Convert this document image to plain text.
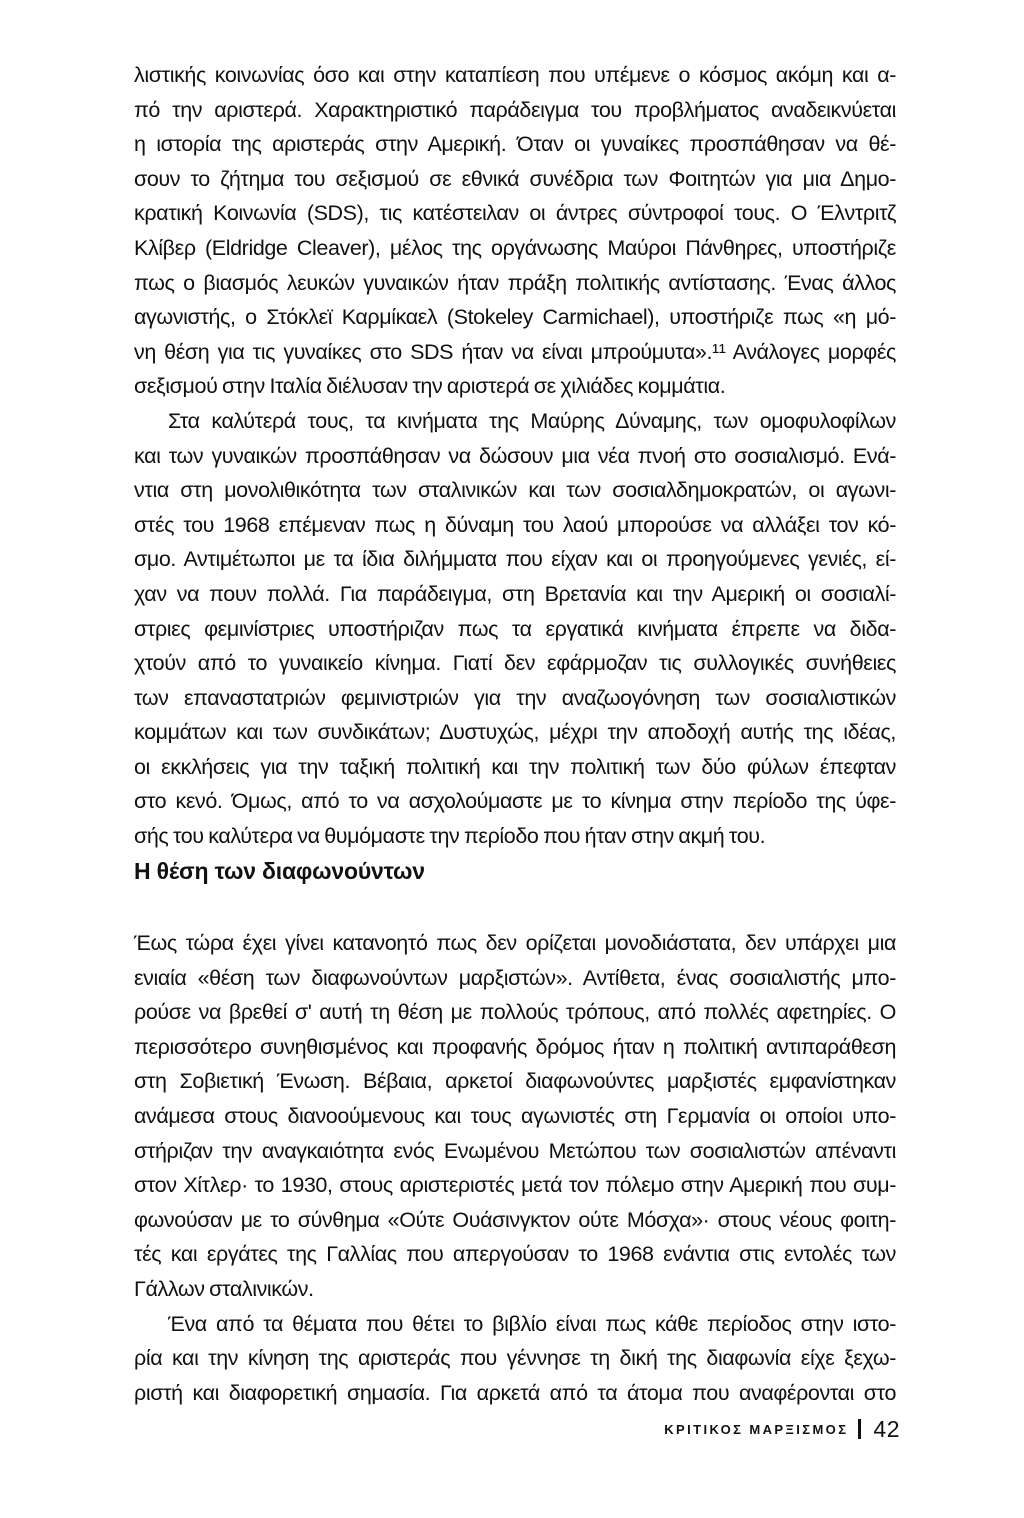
λιστικής κοινωνίας όσο και στην καταπίεση που υπέμενε ο κόσμος ακόμη και α-
πό την αριστερά. Χαρακτηριστικό παράδειγμα του προβλήματος αναδεικνύεται
η ιστορία της αριστεράς στην Αμερική. Όταν οι γυναίκες προσπάθησαν να θέ-
σουν το ζήτημα του σεξισμού σε εθνικά συνέδρια των Φοιτητών για μια Δημο-
κρατική Κοινωνία (SDS), τις κατέστειλαν οι άντρες σύντροφοί τους. Ο Έλντριτζ
Κλίβερ (Eldridge Cleaver), μέλος της οργάνωσης Μαύροι Πάνθηρες, υποστήριζε
πως ο βιασμός λευκών γυναικών ήταν πράξη πολιτικής αντίστασης. Ένας άλλος
αγωνιστής, ο Στόκλεϊ Καρμίκαελ (Stokeley Carmichael), υποστήριζε πως «η μό-
νη θέση για τις γυναίκες στο SDS ήταν να είναι μπρούμυτα».¹¹ Ανάλογες μορφές
σεξισμού στην Ιταλία διέλυσαν την αριστερά σε χιλιάδες κομμάτια.

Στα καλύτερά τους, τα κινήματα της Μαύρης Δύναμης, των ομοφυλοφίλων
και των γυναικών προσπάθησαν να δώσουν μια νέα πνοή στο σοσιαλισμό. Ενά-
ντια στη μονολιθικότητα των σταλινικών και των σοσιαλδημοκρατών, οι αγωνι-
στές του 1968 επέμεναν πως η δύναμη του λαού μπορούσε να αλλάξει τον κό-
σμο. Αντιμέτωποι με τα ίδια διλήμματα που είχαν και οι προηγούμενες γενιές, εί-
χαν να πουν πολλά. Για παράδειγμα, στη Βρετανία και την Αμερική οι σοσιαλί-
στριες φεμινίστριες υποστήριζαν πως τα εργατικά κινήματα έπρεπε να διδα-
χτούν από το γυναικείο κίνημα. Γιατί δεν εφάρμοζαν τις συλλογικές συνήθειες
των επαναστατριών φεμινιστριών για την αναζωογόνηση των σοσιαλιστικών
κομμάτων και των συνδικάτων; Δυστυχώς, μέχρι την αποδοχή αυτής της ιδέας,
οι εκκλήσεις για την ταξική πολιτική και την πολιτική των δύο φύλων έπεφταν
στο κενό. Όμως, από το να ασχολούμαστε με το κίνημα στην περίοδο της ύφε-
σής του καλύτερα να θυμόμαστε την περίοδο που ήταν στην ακμή του.

Η θέση των διαφωνούντων

Έως τώρα έχει γίνει κατανοητό πως δεν ορίζεται μονοδιάστατα, δεν υπάρχει μια
ενιαία «θέση των διαφωνούντων μαρξιστών». Αντίθετα, ένας σοσιαλιστής μπο-
ρούσε να βρεθεί σ' αυτή τη θέση με πολλούς τρόπους, από πολλές αφετηρίες. Ο
περισσότερο συνηθισμένος και προφανής δρόμος ήταν η πολιτική αντιπαράθεση
στη Σοβιετική Ένωση. Βέβαια, αρκετοί διαφωνούντες μαρξιστές εμφανίστηκαν
ανάμεσα στους διανοούμενους και τους αγωνιστές στη Γερμανία οι οποίοι υπο-
στήριζαν την αναγκαιότητα ενός Ενωμένου Μετώπου των σοσιαλιστών απέναντι
στον Χίτλερ· το 1930, στους αριστεριστές μετά τον πόλεμο στην Αμερική που συμ-
φωνούσαν με το σύνθημα «Ούτε Ουάσινγκτον ούτε Μόσχα»· στους νέους φοιτη-
τές και εργάτες της Γαλλίας που απεργούσαν το 1968 ενάντια στις εντολές των
Γάλλων σταλινικών.

Ένα από τα θέματα που θέτει το βιβλίο είναι πως κάθε περίοδος στην ιστο-
ρία και την κίνηση της αριστεράς που γέννησε τη δική της διαφωνία είχε ξεχω-
ριστή και διαφορετική σημασία. Για αρκετά από τα άτομα που αναφέρονται στο

ΚΡΙΤΙΚΟΣ ΜΑΡΞΙΣΜΟΣ 42
